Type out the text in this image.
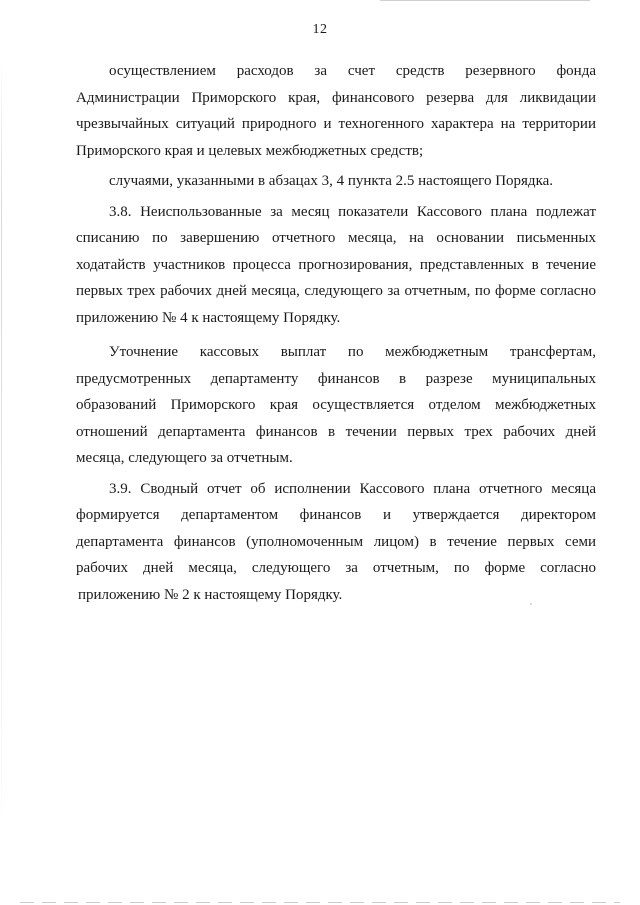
12
осуществлением расходов за счет средств резервного фонда
Администрации Приморского края, финансового резерва для ликвидации
чрезвычайных ситуаций природного и техногенного характера на территории
Приморского края и целевых межбюджетных средств;
случаями, указанными в абзацах 3, 4 пункта 2.5 настоящего Порядка.
3.8. Неиспользованные за месяц показатели Кассового плана подлежат
списанию по завершению отчетного месяца, на основании письменных
ходатайств участников процесса прогнозирования, представленных в течение
первых трех рабочих дней месяца, следующего за отчетным, по форме согласно
приложению № 4 к настоящему Порядку.
Уточнение кассовых выплат по межбюджетным трансфертам,
предусмотренных департаменту финансов в разрезе муниципальных
образований Приморского края осуществляется отделом межбюджетных
отношений департамента финансов в течении первых трех рабочих дней
месяца, следующего за отчетным.
3.9. Сводный отчет об исполнении Кассового плана отчетного месяца
формируется департаментом финансов и утверждается директором
департамента финансов (уполномоченным лицом) в течение первых семи
рабочих дней месяца, следующего за отчетным, по форме согласно
приложению № 2 к настоящему Порядку.
